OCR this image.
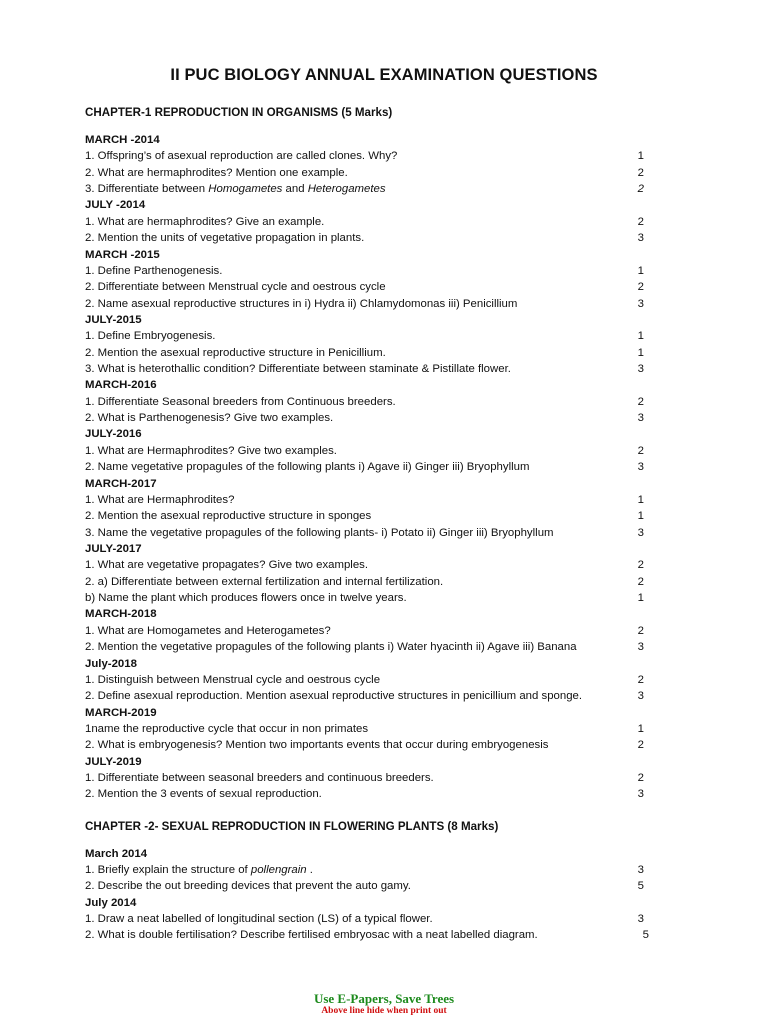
II PUC BIOLOGY ANNUAL EXAMINATION QUESTIONS
CHAPTER-1 REPRODUCTION IN ORGANISMS (5 Marks)
MARCH -2014
1. Offspring’s of asexual reproduction are called clones. Why?	1
2. What are hermaphrodites? Mention one example.	2
3. Differentiate between Homogametes and Heterogametes	2
JULY -2014
1. What are hermaphrodites? Give an example.	2
2. Mention the units of vegetative propagation in plants.	3
MARCH -2015
1. Define Parthenogenesis.	1
2. Differentiate between Menstrual cycle and oestrous cycle	2
2. Name asexual reproductive structures in i) Hydra ii) Chlamydomonas iii) Penicillium	3
JULY-2015
1. Define Embryogenesis.	1
2. Mention the asexual reproductive structure in Penicillium.	1
3. What is heterothallic condition? Differentiate between staminate & Pistillate flower.	3
MARCH-2016
1. Differentiate Seasonal breeders from Continuous breeders.	2
2. What is Parthenogenesis? Give two examples.	3
JULY-2016
1. What are Hermaphrodites? Give two examples.	2
2. Name vegetative propagules of the following plants i) Agave ii) Ginger iii) Bryophyllum	3
MARCH-2017
1. What are Hermaphrodites?	1
2. Mention the asexual reproductive structure in sponges	1
3. Name the vegetative propagules of the following plants- i) Potato ii) Ginger iii) Bryophyllum	3
JULY-2017
1. What are vegetative propagates? Give two examples.	2
2. a) Differentiate between external fertilization and internal fertilization.	2
b) Name the plant which produces flowers once in twelve years.	1
MARCH-2018
1. What are Homogametes and Heterogametes?	2
2. Mention the vegetative propagules of the following plants i) Water hyacinth ii) Agave iii) Banana	3
July-2018
1. Distinguish between Menstrual cycle and oestrous cycle	2
2. Define asexual reproduction. Mention asexual reproductive structures in penicillium and sponge.	3
MARCH-2019
1name the reproductive cycle that occur in non primates	1
2. What is embryogenesis? Mention two importants events that occur during embryogenesis	2
JULY-2019
1. Differentiate between seasonal breeders and continuous breeders.	2
2. Mention the 3 events of sexual reproduction.	3
CHAPTER -2- SEXUAL REPRODUCTION IN FLOWERING PLANTS (8 Marks)
March 2014
1. Briefly explain the structure of pollengrain .	3
2. Describe the out breeding devices that prevent the auto gamy.	5
July 2014
1. Draw a neat labelled of longitudinal section (LS) of a typical flower.	3
2. What is double fertilisation? Describe fertilised embryosac with a neat labelled diagram.	5
Use E-Papers, Save Trees
Above line hide when print out
